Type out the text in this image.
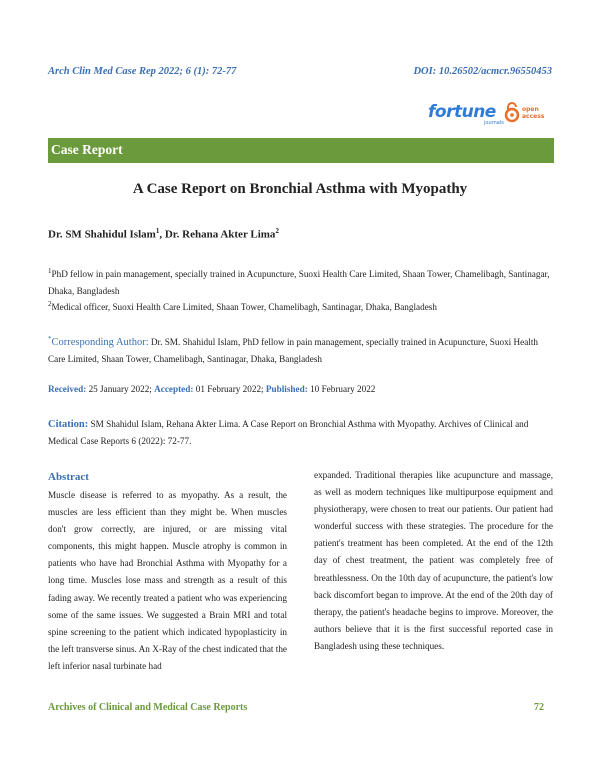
Arch Clin Med Case Rep 2022; 6 (1): 72-77	DOI: 10.26502/acmcr.96550453
fortune
journals
open
access
Case Report
A Case Report on Bronchial Asthma with Myopathy
Dr. SM Shahidul Islam$^1$, Dr. Rehana Akter Lima$^2$
$^1$PhD fellow in pain management, specially trained in Acupuncture, Suoxi Health Care Limited, Shaan Tower, Chamelibagh, Santinagar, Dhaka, Bangladesh
$^2$Medical officer, Suoxi Health Care Limited, Shaan Tower, Chamelibagh, Santinagar, Dhaka, Bangladesh
*Corresponding Author: Dr. SM. Shahidul Islam, PhD fellow in pain management, specially trained in Acupuncture, Suoxi Health Care Limited, Shaan Tower, Chamelibagh, Santinagar, Dhaka, Bangladesh
Received: 25 January 2022; Accepted: 01 February 2022; Published: 10 February 2022
Citation: SM Shahidul Islam, Rehana Akter Lima. A Case Report on Bronchial Asthma with Myopathy. Archives of Clinical and Medical Case Reports 6 (2022): 72-77.
Abstract
Muscle disease is referred to as myopathy. As a result, the muscles are less efficient than they might be. When muscles don't grow correctly, are injured, or are missing vital components, this might happen. Muscle atrophy is common in patients who have had Bronchial Asthma with Myopathy for a long time. Muscles lose mass and strength as a result of this fading away. We recently treated a patient who was experiencing some of the same issues. We suggested a Brain MRI and total spine screening to the patient which indicated hypoplasticity in the left transverse sinus. An X-Ray of the chest indicated that the left inferior nasal turbinate had
expanded. Traditional therapies like acupuncture and massage, as well as modern techniques like multipurpose equipment and physiotherapy, were chosen to treat our patients. Our patient had wonderful success with these strategies. The procedure for the patient's treatment has been completed. At the end of the 12th day of chest treatment, the patient was completely free of breathlessness. On the 10th day of acupuncture, the patient's low back discomfort began to improve. At the end of the 20th day of therapy, the patient's headache begins to improve. Moreover, the authors believe that it is the first successful reported case in Bangladesh using these techniques.
Archives of Clinical and Medical Case Reports	72
